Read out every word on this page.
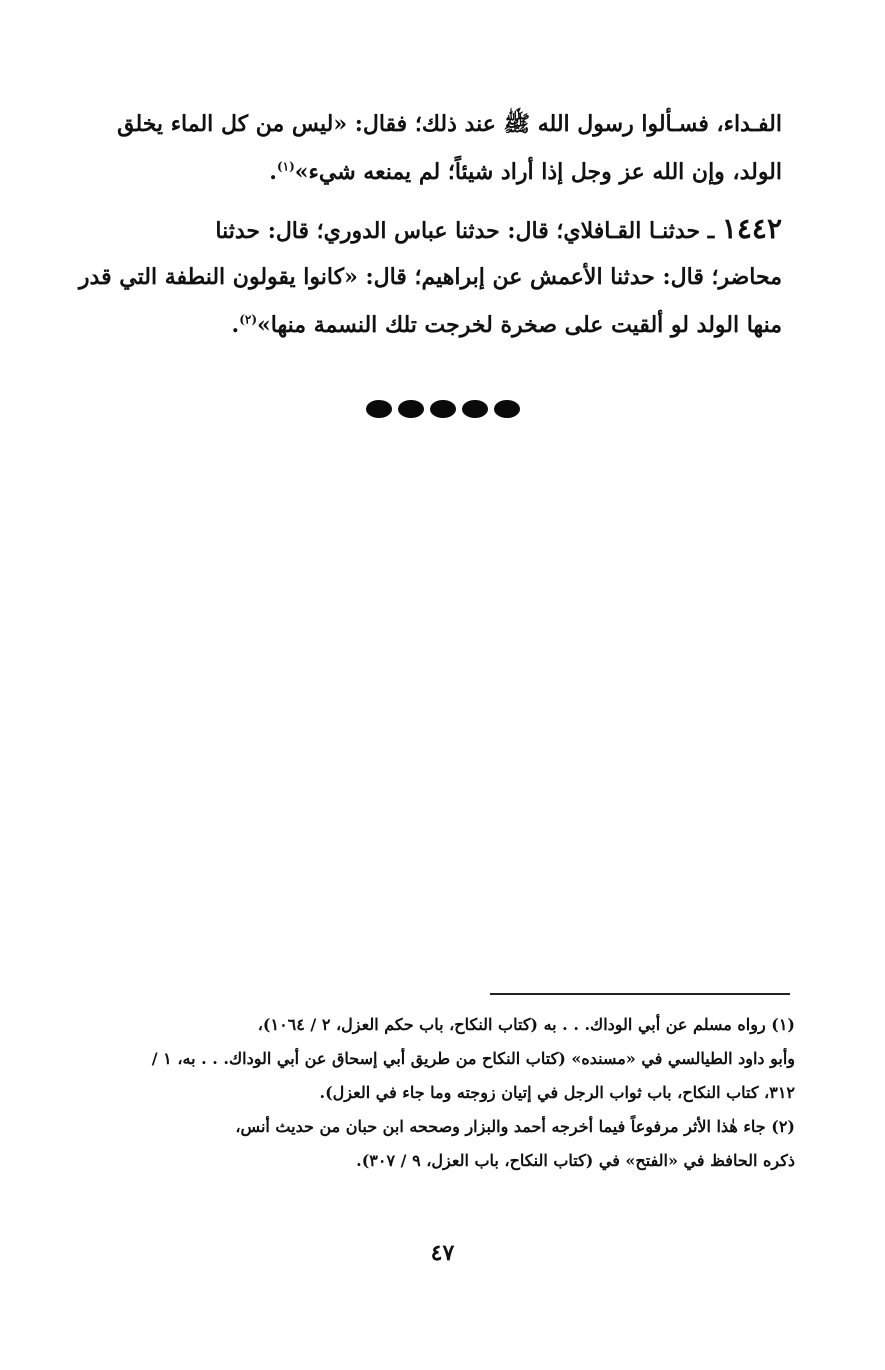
الفـداء، فسـألوا رسول الله ﷺ عند ذلك؛ فقال: «ليس من كل الماء يخلق
الولد، وإن الله عز وجل إذا أراد شيئاً؛ لم يمنعه شيء»$^{(١)}$.
١٤٤٢ ـ حدثنـا القـافلاي؛ قال: حدثنا عباس الدوري؛ قال: حدثنا
محاضر؛ قال: حدثنا الأعمش عن إبراهيم؛ قال: «كانوا يقولون النطفة التي قدر
منها الولد لو ألقيت على صخرة لخرجت تلك النسمة منها»$^{(٢)}$.
(١) رواه مسلم عن أبي الوداك. . . به (كتاب النكاح، باب حكم العزل، ٢ / ١٠٦٤)،
وأبو داود الطيالسي في «مسنده» (كتاب النكاح من طريق أبي إسحاق عن أبي الوداك. . . به، ١ /
٣١٢، كتاب النكاح، باب ثواب الرجل في إتيان زوجته وما جاء في العزل).
(٢) جاء هٰذا الأثر مرفوعاً فيما أخرجه أحمد والبزار وصححه ابن حبان من حديث أنس،
ذكره الحافظ في «الفتح» في (كتاب النكاح، باب العزل، ٩ / ٣٠٧).
٤٧
